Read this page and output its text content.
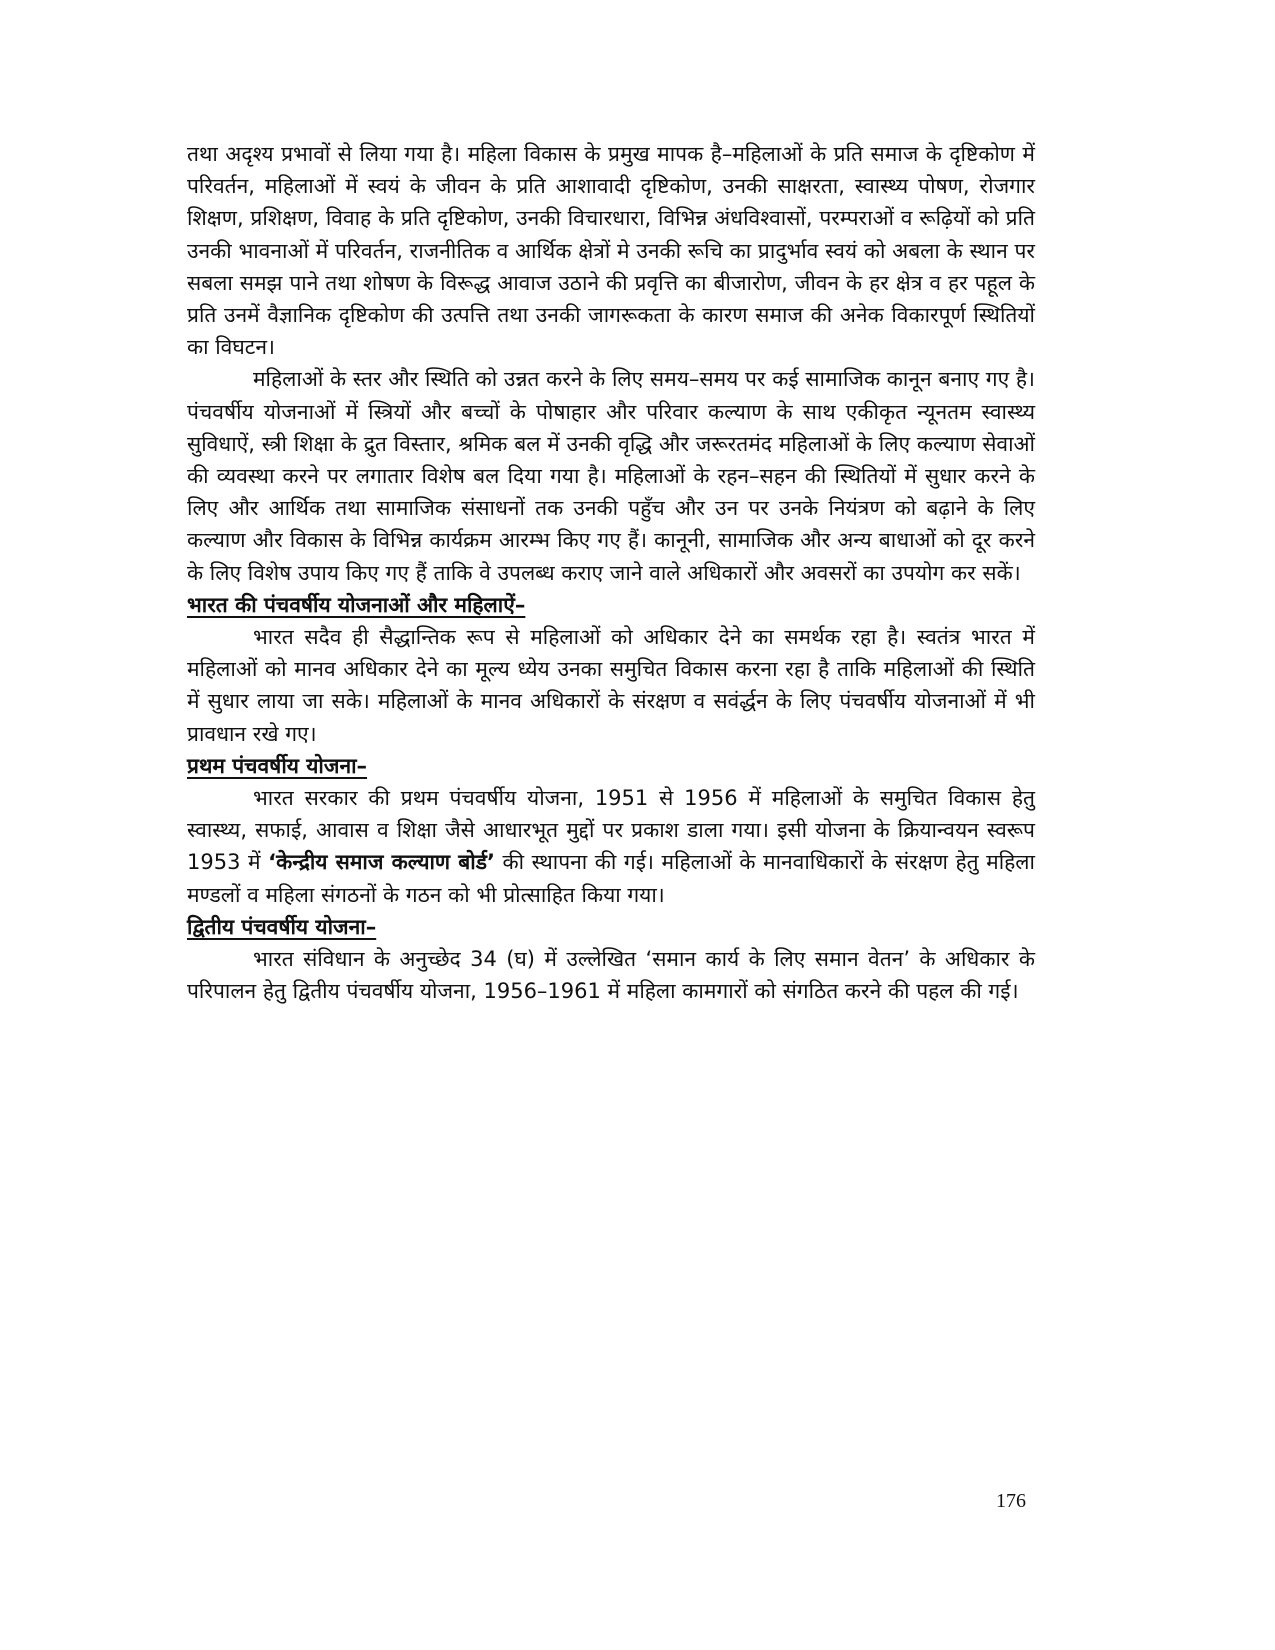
तथा अदृश्य प्रभावों से लिया गया है। महिला विकास के प्रमुख मापक है–महिलाओं के प्रति समाज के दृष्टिकोण में परिवर्तन, महिलाओं में स्वयं के जीवन के प्रति आशावादी दृष्टिकोण, उनकी साक्षरता, स्वास्थ्य पोषण, रोजगार शिक्षण, प्रशिक्षण, विवाह के प्रति दृष्टिकोण, उनकी विचारधारा, विभिन्न अंधविश्वासों, परम्पराओं व रूढ़ियों को प्रति उनकी भावनाओं में परिवर्तन, राजनीतिक व आर्थिक क्षेत्रों मे उनकी रूचि का प्रादुर्भाव स्वयं को अबला के स्थान पर सबला समझ पाने तथा शोषण के विरूद्ध आवाज उठाने की प्रवृत्ति का बीजारोण, जीवन के हर क्षेत्र व हर पहूल के प्रति उनमें वैज्ञानिक दृष्टिकोण की उत्पत्ति तथा उनकी जागरूकता के कारण समाज की अनेक विकारपूर्ण स्थितियों का विघटन।

महिलाओं के स्तर और स्थिति को उन्नत करने के लिए समय–समय पर कई सामाजिक कानून बनाए गए है। पंचवर्षीय योजनाओं में स्त्रियों और बच्चों के पोषाहार और परिवार कल्याण के साथ एकीकृत न्यूनतम स्वास्थ्य सुविधाऐं, स्त्री शिक्षा के द्रुत विस्तार, श्रमिक बल में उनकी वृद्धि और जरूरतमंद महिलाओं के लिए कल्याण सेवाओं की व्यवस्था करने पर लगातार विशेष बल दिया गया है। महिलाओं के रहन–सहन की स्थितियों में सुधार करने के लिए और आर्थिक तथा सामाजिक संसाधनों तक उनकी पहुँच और उन पर उनके नियंत्रण को बढ़ाने के लिए कल्याण और विकास के विभिन्न कार्यक्रम आरम्भ किए गए हैं। कानूनी, सामाजिक और अन्य बाधाओं को दूर करने के लिए विशेष उपाय किए गए हैं ताकि वे उपलब्ध कराए जाने वाले अधिकारों और अवसरों का उपयोग कर सकें।

भारत की पंचवर्षीय योजनाओं और महिलाऐं–

भारत सदैव ही सैद्धान्तिक रूप से महिलाओं को अधिकार देने का समर्थक रहा है। स्वतंत्र भारत में महिलाओं को मानव अधिकार देने का मूल्य ध्येय उनका समुचित विकास करना रहा है ताकि महिलाओं की स्थिति में सुधार लाया जा सके। महिलाओं के मानव अधिकारों के संरक्षण व सवंर्द्धन के लिए पंचवर्षीय योजनाओं में भी प्रावधान रखे गए।

प्रथम पंचवर्षीय योजना–

भारत सरकार की प्रथम पंचवर्षीय योजना, 1951 से 1956 में महिलाओं के समुचित विकास हेतु स्वास्थ्य, सफाई, आवास व शिक्षा जैसे आधारभूत मुद्दों पर प्रकाश डाला गया। इसी योजना के क्रियान्वयन स्वरूप 1953 में ‘केन्द्रीय समाज कल्याण बोर्ड’ की स्थापना की गई। महिलाओं के मानवाधिकारों के संरक्षण हेतु महिला मण्डलों व महिला संगठनों के गठन को भी प्रोत्साहित किया गया।

द्वितीय पंचवर्षीय योजना–

भारत संविधान के अनुच्छेद 34 (घ) में उल्लेखित ‘समान कार्य के लिए समान वेतन’ के अधिकार के परिपालन हेतु द्वितीय पंचवर्षीय योजना, 1956–1961 में महिला कामगारों को संगठित करने की पहल की गई।

176
